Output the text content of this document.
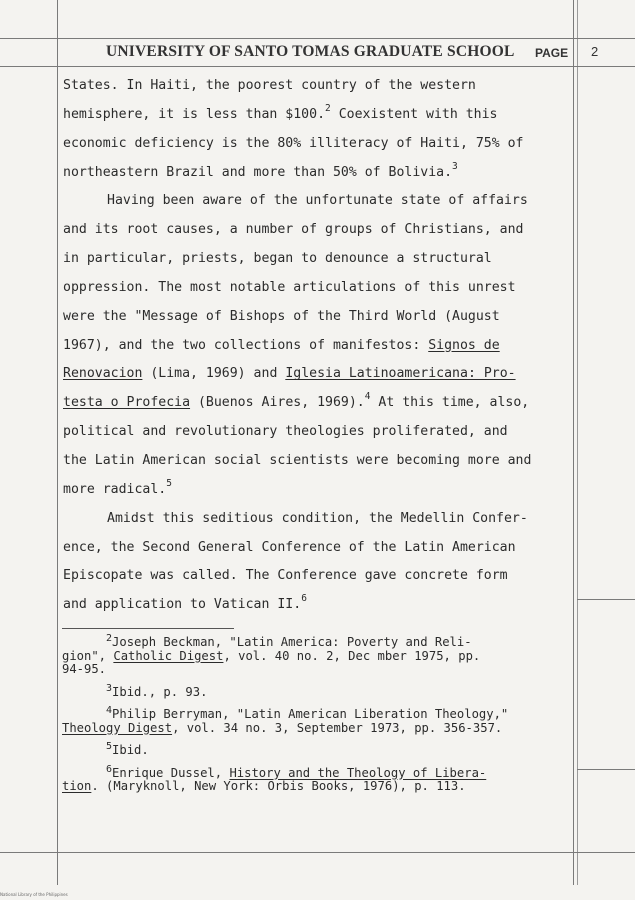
UNIVERSITY OF SANTO TOMAS GRADUATE SCHOOL PAGE 2
States. In Haiti, the poorest country of the western
hemisphere, it is less than $100.$^2$ Coexistent with this
economic deficiency is the 80% illiteracy of Haiti, 75% of
northeastern Brazil and more than 50% of Bolivia.$^3$
Having been aware of the unfortunate state of affairs
and its root causes, a number of groups of Christians, and
in particular, priests, began to denounce a structural
oppression. The most notable articulations of this unrest
were the "Message of Bishops of the Third World (August
1967), and the two collections of manifestos: Signos de
Renovacion (Lima, 1969) and Iglesia Latinoamericana: Pro-
testa o Profecia (Buenos Aires, 1969).$^4$ At this time, also,
political and revolutionary theologies proliferated, and
the Latin American social scientists were becoming more and
more radical.$^5$
Amidst this seditious condition, the Medellin Confer-
ence, the Second General Conference of the Latin American
Episcopate was called. The Conference gave concrete form
and application to Vatican II.$^6$
$^2$Joseph Beckman, "Latin America: Poverty and Reli-
gion", Catholic Digest, vol. 40 no. 2, Dec mber 1975, pp.
94-95.
$^3$Ibid., p. 93.
$^4$Philip Berryman, "Latin American Liberation Theology,"
Theology Digest, vol. 34 no. 3, September 1973, pp. 356-357.
$^5$Ibid.
$^6$Enrique Dussel, History and the Theology of Libera-
tion. (Maryknoll, New York: Orbis Books, 1976), p. 113.
National Library of the Philippines
